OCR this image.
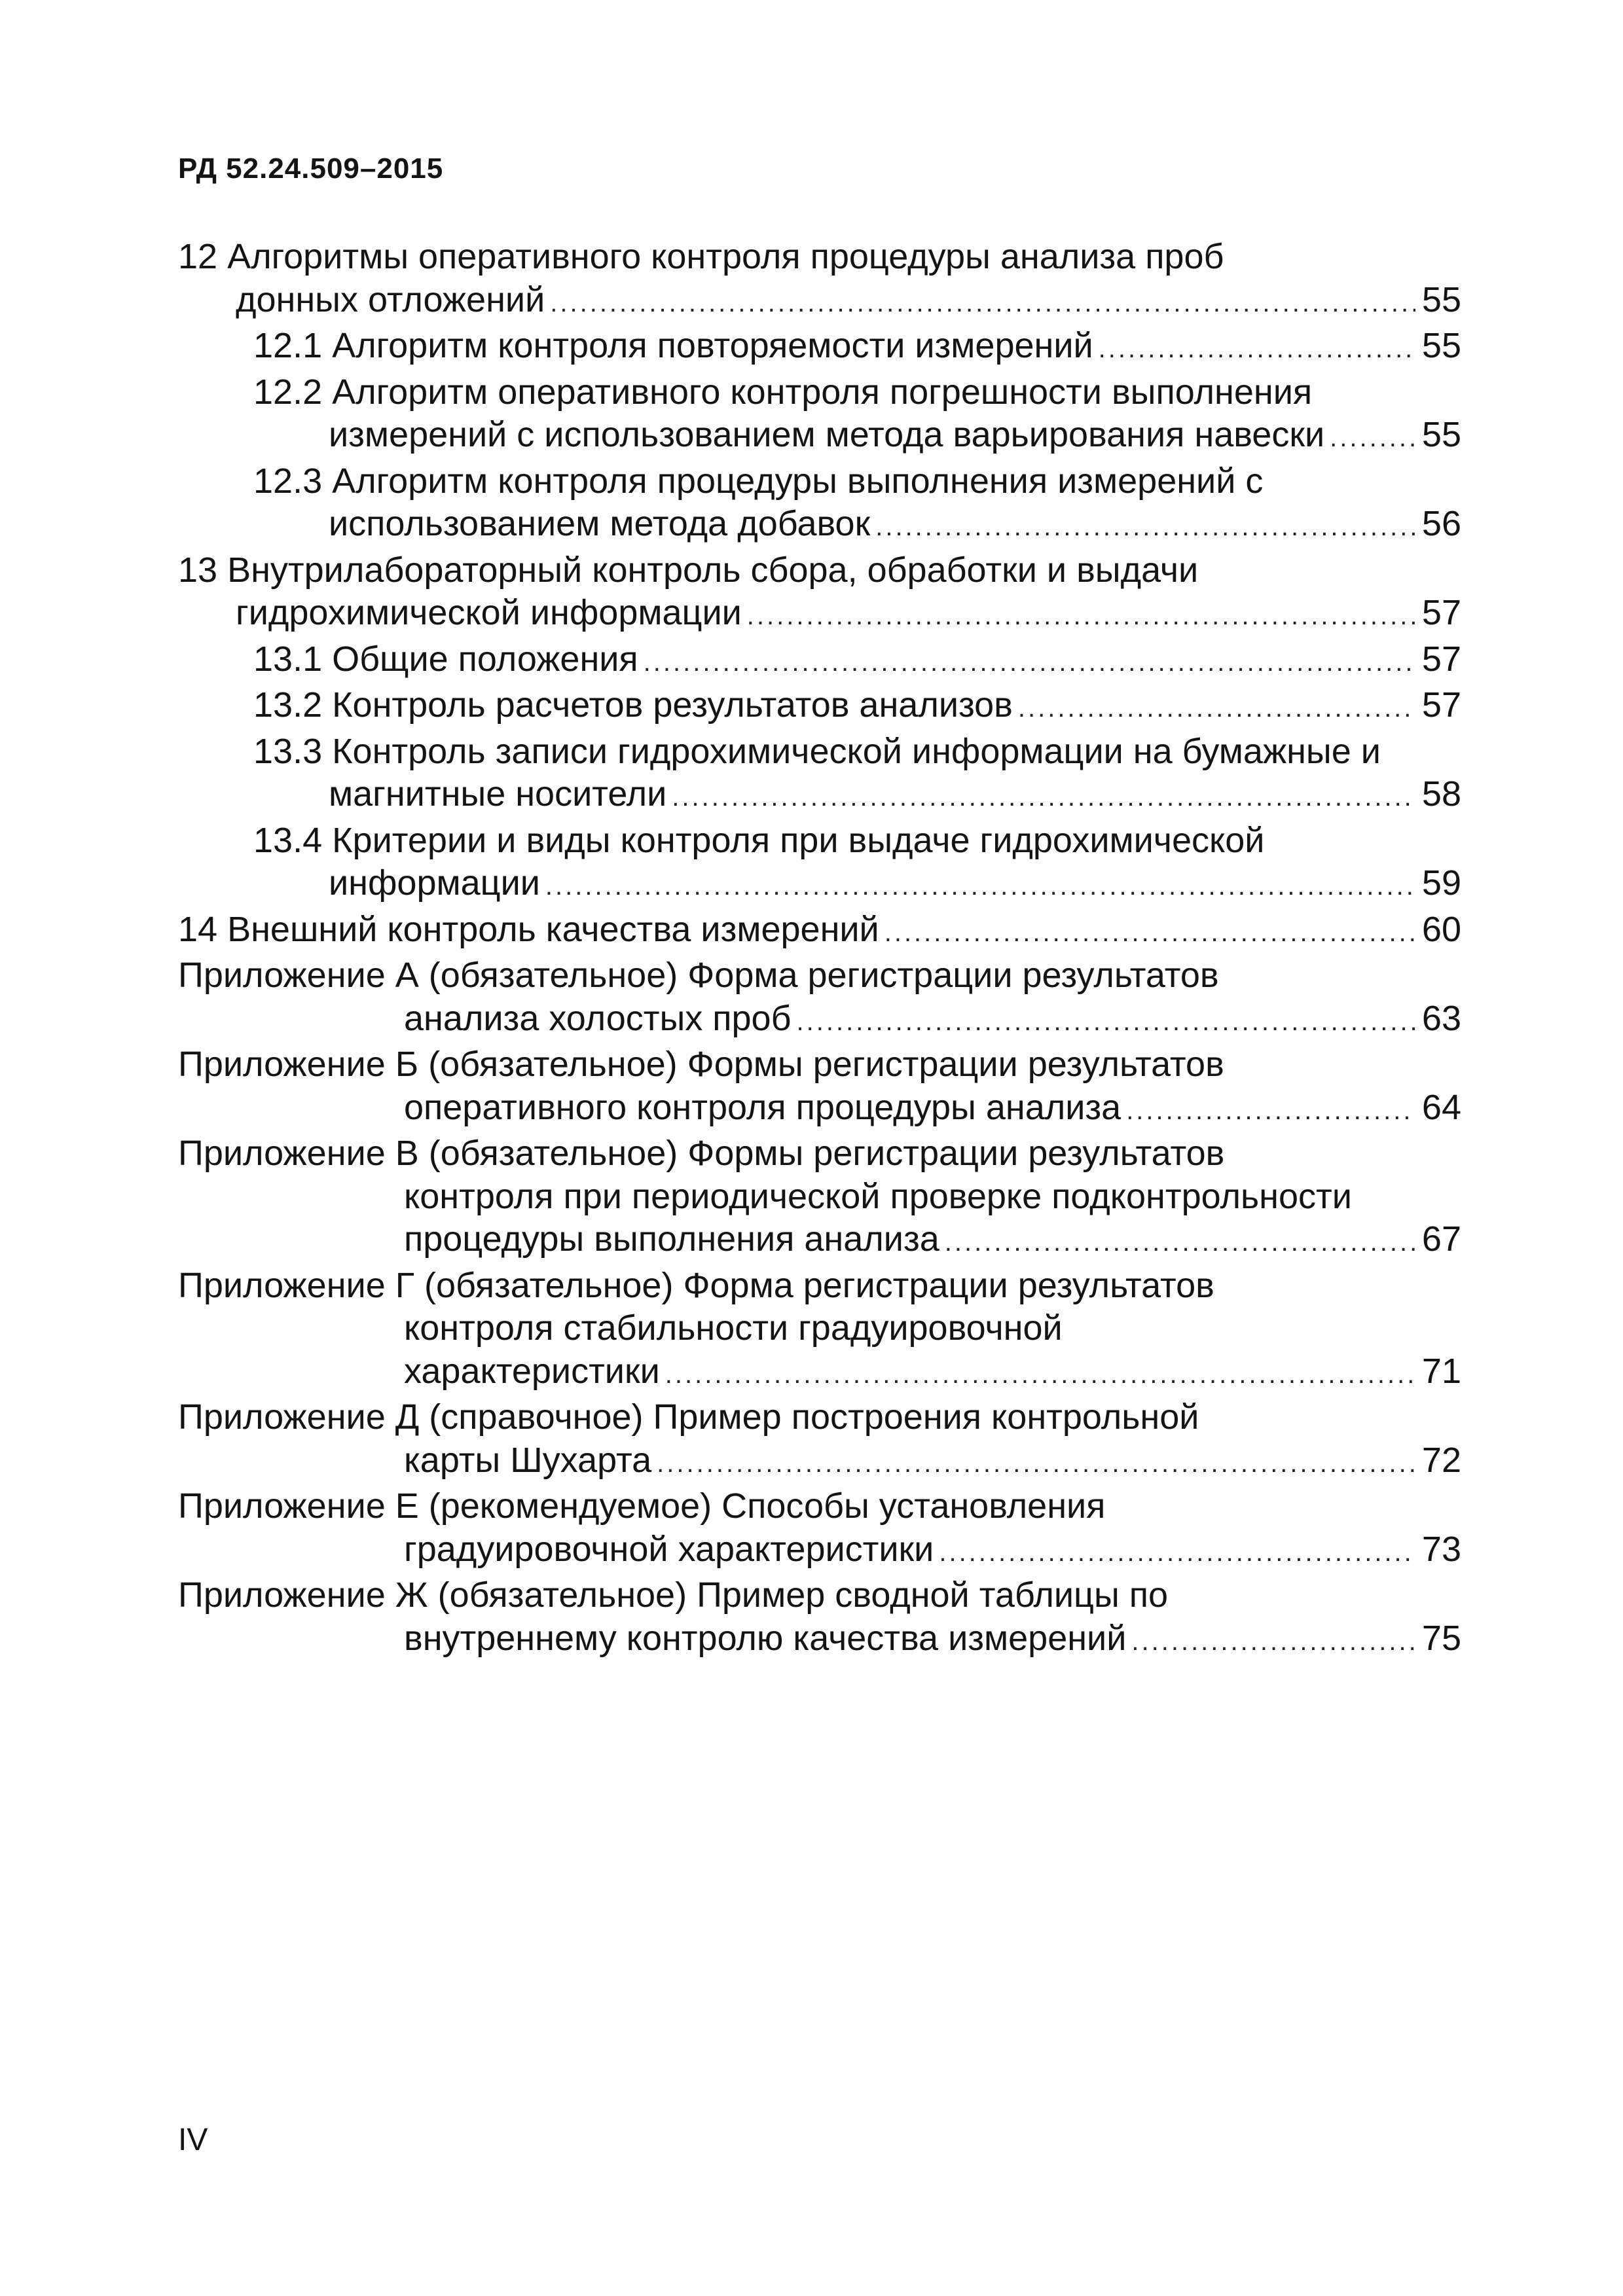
РД 52.24.509–2015

12 Алгоритмы оперативного контроля процедуры анализа проб
донных отложений .....	55
12.1 Алгоритм контроля повторяемости измерений .....	55
12.2 Алгоритм оперативного контроля погрешности выполнения
измерений с использованием метода варьирования навески .....	55
12.3 Алгоритм контроля процедуры выполнения измерений с
использованием метода добавок .....	56
13 Внутрилабораторный контроль сбора, обработки и выдачи
гидрохимической информации .....	57
13.1 Общие положения .....	57
13.2 Контроль расчетов результатов анализов .....	57
13.3 Контроль записи гидрохимической информации на бумажные и
магнитные носители .....	58
13.4 Критерии и виды контроля при выдаче гидрохимической
информации .....	59
14 Внешний контроль качества измерений .....	60
Приложение А (обязательное) Форма регистрации результатов
анализа холостых проб .....	63
Приложение Б (обязательное) Формы регистрации результатов
оперативного контроля процедуры анализа .....	64
Приложение В (обязательное) Формы регистрации результатов
контроля при периодической проверке подконтрольности
процедуры выполнения анализа .....	67
Приложение Г (обязательное) Форма регистрации результатов
контроля стабильности градуировочной
характеристики .....	71
Приложение Д (справочное) Пример построения контрольной
карты Шухарта .....	72
Приложение Е (рекомендуемое) Способы установления
градуировочной характеристики .....	73
Приложение Ж (обязательное) Пример сводной таблицы по
внутреннему контролю качества измерений .....	75

IV
